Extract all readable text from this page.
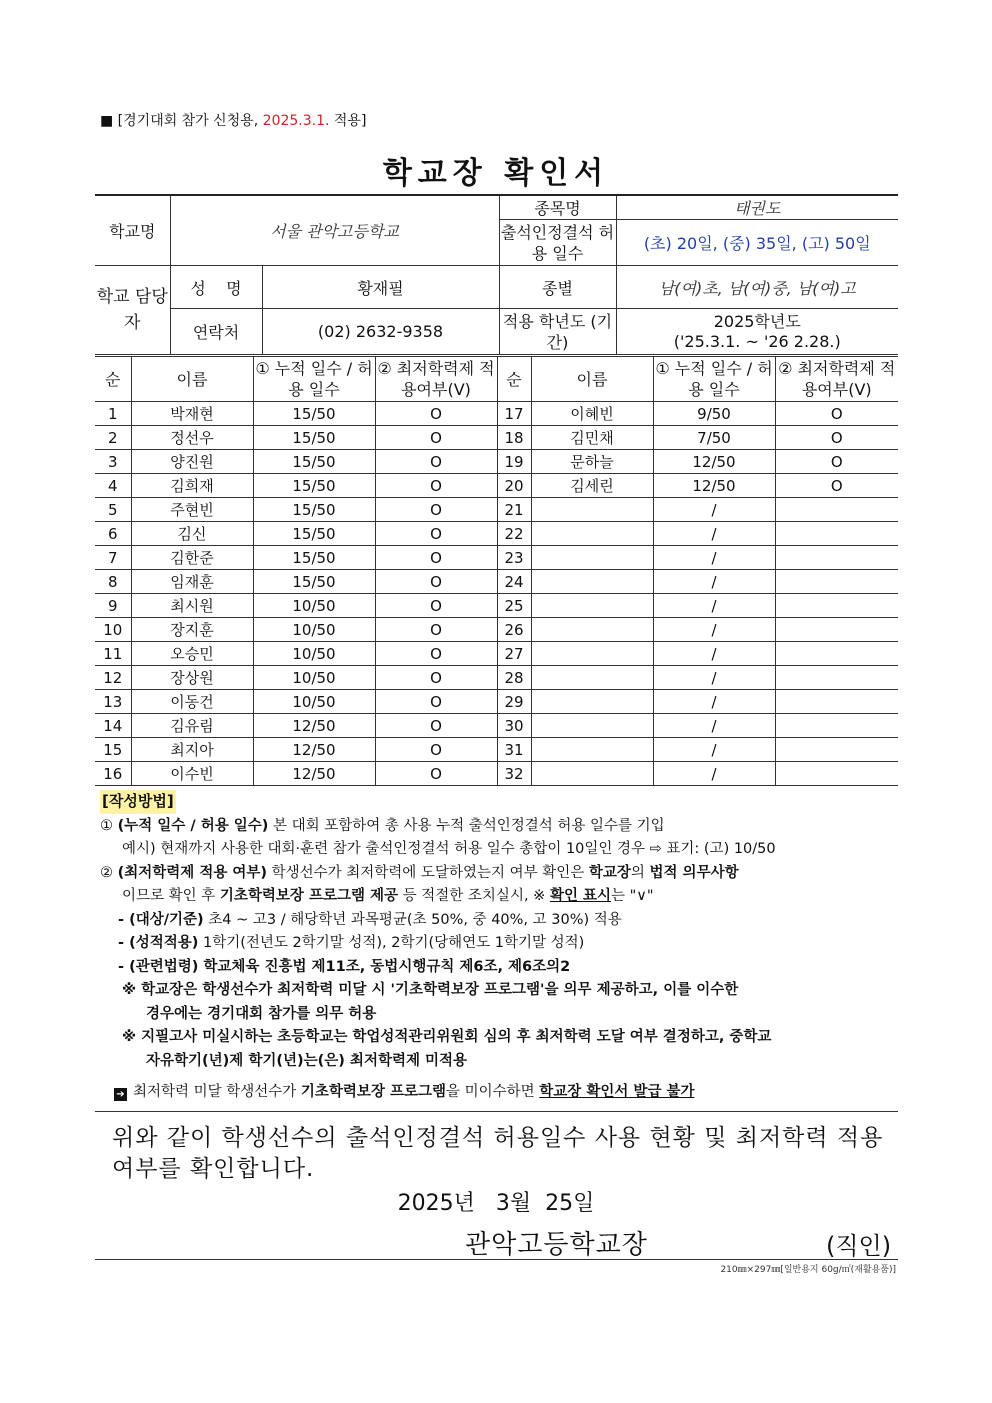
■ [경기대회 참가 신청용, 2025.3.1. 적용]
학교장 확인서
학교명	서울 관악고등학교		종목명	태권도
			출석인정결석 허용 일수	(초) 20일, (중) 35일, (고) 50일
학교 담당자	성    명	황재필	종별	남(여)초, 남(여)중, 남(여)고
	연락처	(02) 2632-9358	적용 학년도 (기간)	2025학년도
('25.3.1. ~ '26 2.28.)
순	이름	① 누적 일수 / 허용 일수	② 최저학력제 적용여부(V)	순	이름	① 누적 일수 / 허용 일수	② 최저학력제 적용여부(V)
1	박재현	15/50	O	17	이혜빈	9/50	O
2	정선우	15/50	O	18	김민채	7/50	O
3	양진원	15/50	O	19	문하늘	12/50	O
4	김희재	15/50	O	20	김세린	12/50	O
5	주현빈	15/50	O	21		/	
6	김신	15/50	O	22		/	
7	김한준	15/50	O	23		/	
8	임재훈	15/50	O	24		/	
9	최시원	10/50	O	25		/	
10	장지훈	10/50	O	26		/	
11	오승민	10/50	O	27		/	
12	장상원	10/50	O	28		/	
13	이동건	10/50	O	29		/	
14	김유림	12/50	O	30		/	
15	최지아	12/50	O	31		/	
16	이수빈	12/50	O	32		/	

[작성방법]

① (누적 일수 / 허용 일수) 본 대회 포함하여 총 사용 누적 출석인정결석 허용 일수를 기입

예시) 현재까지 사용한 대회·훈련 참가 출석인정결석 허용 일수 총합이 10일인 경우 ⇨ 표기: (고) 10/50

② (최저학력제 적용 여부) 학생선수가 최저학력에 도달하였는지 여부 확인은 학교장의 법적 의무사항

이므로 확인 후 기초학력보장 프로그램 제공 등 적절한 조치실시, ※ 확인 표시는 "∨"

- (대상/기준) 초4 ~ 고3 / 해당학년 과목평균(초 50%, 중 40%, 고 30%) 적용

- (성적적용) 1학기(전년도 2학기말 성적), 2학기(당해연도 1학기말 성적)

- (관련법령) 학교체육 진흥법 제11조, 동법시행규칙 제6조, 제6조의2

※ 학교장은 학생선수가 최저학력 미달 시 '기초학력보장 프로그램'을 의무 제공하고, 이를 이수한

경우에는 경기대회 참가를 의무 허용

※ 지필고사 미실시하는 초등학교는 학업성적관리위원회 심의 후 최저학력 도달 여부 결정하고, 중학교

자유학기(년)제 학기(년)는(은) 최저학력제 미적용

➔ 최저학력 미달 학생선수가 기초학력보장 프로그램을 미이수하면 학교장 확인서 발급 불가

위와 같이 학생선수의 출석인정결석 허용일수 사용 현황 및 최저학력 적용 여부를 확인합니다.
2025년   3월  25일
관악고등학교장	(직인)
210㎜×297㎜[일반용지 60g/㎡(재활용품)]
